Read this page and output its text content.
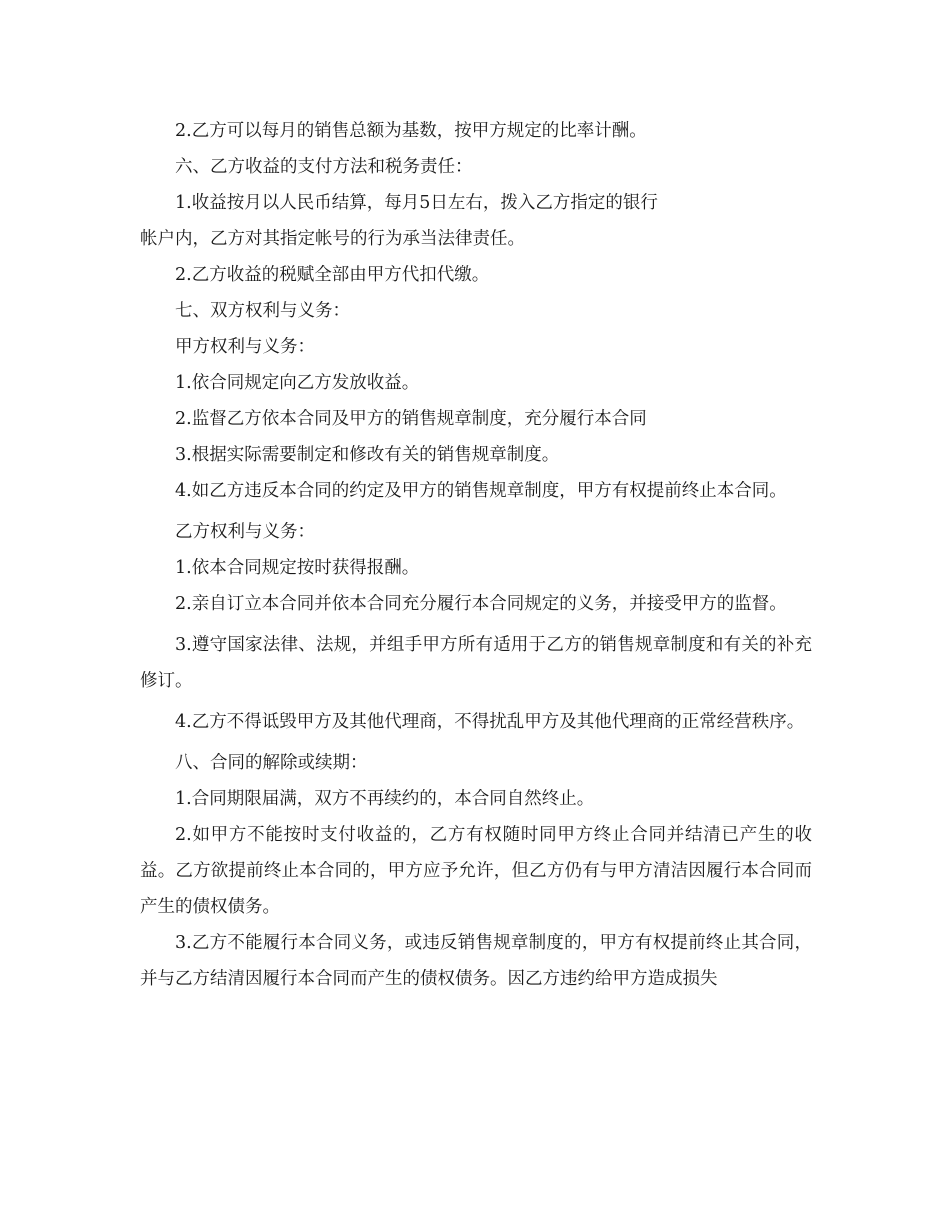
2.乙方可以每月的销售总额为基数，按甲方规定的比率计酬。

六、乙方收益的支付方法和税务责任：

1.收益按月以人民币结算，每月5日左右，拨入乙方指定的银行

帐户内，乙方对其指定帐号的行为承当法律责任。

2.乙方收益的税赋全部由甲方代扣代缴。

七、双方权利与义务：

甲方权利与义务：

1.依合同规定向乙方发放收益。

2.监督乙方依本合同及甲方的销售规章制度，充分履行本合同

3.根据实际需要制定和修改有关的销售规章制度。

4.如乙方违反本合同的约定及甲方的销售规章制度，甲方有权提前终止本合同。

乙方权利与义务：

1.依本合同规定按时获得报酬。

2.亲自订立本合同并依本合同充分履行本合同规定的义务，并接受甲方的监督。

3.遵守国家法律、法规，并组手甲方所有适用于乙方的销售规章制度和有关的补充修订。

4.乙方不得诋毁甲方及其他代理商，不得扰乱甲方及其他代理商的正常经营秩序。

八、合同的解除或续期：

1.合同期限届满，双方不再续约的，本合同自然终止。

2.如甲方不能按时支付收益的，乙方有权随时同甲方终止合同并结清已产生的收益。乙方欲提前终止本合同的，甲方应予允许，但乙方仍有与甲方清洁因履行本合同而产生的债权债务。

3.乙方不能履行本合同义务，或违反销售规章制度的，甲方有权提前终止其合同，并与乙方结清因履行本合同而产生的债权债务。因乙方违约给甲方造成损失
